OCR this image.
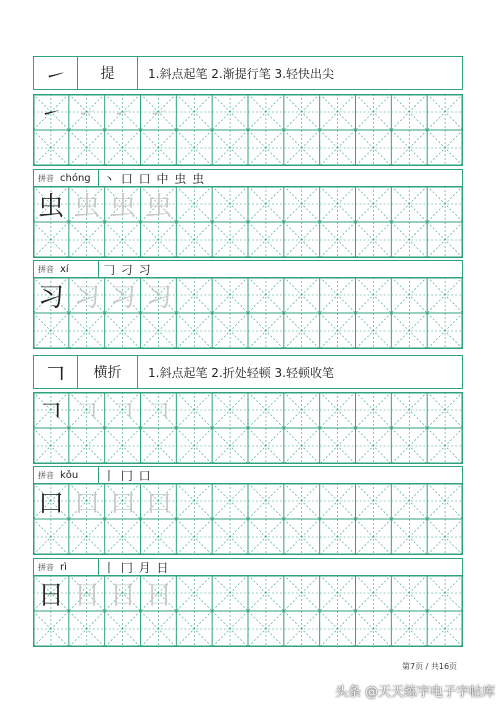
㇀	提	1.斜点起笔 2.渐提行笔 3.轻快出尖
㇀ ㇀ ㇀ ㇀
拼音 chóng	丶 口 口 中 虫 虫
虫 虫 虫 虫
拼音 xí	𠃌 刁 习
习 习 习 习
𠃍	横折	1.斜点起笔 2.折处轻顿 3.轻顿收笔
𠃍 𠃍 𠃍 𠃍
拼音 kǒu	丨 冂 口
口 口 口 口
拼音 rì	丨 冂 月 日
日 日 日 日
第7页 / 共16页
头条 @天天练字电子字帖库
